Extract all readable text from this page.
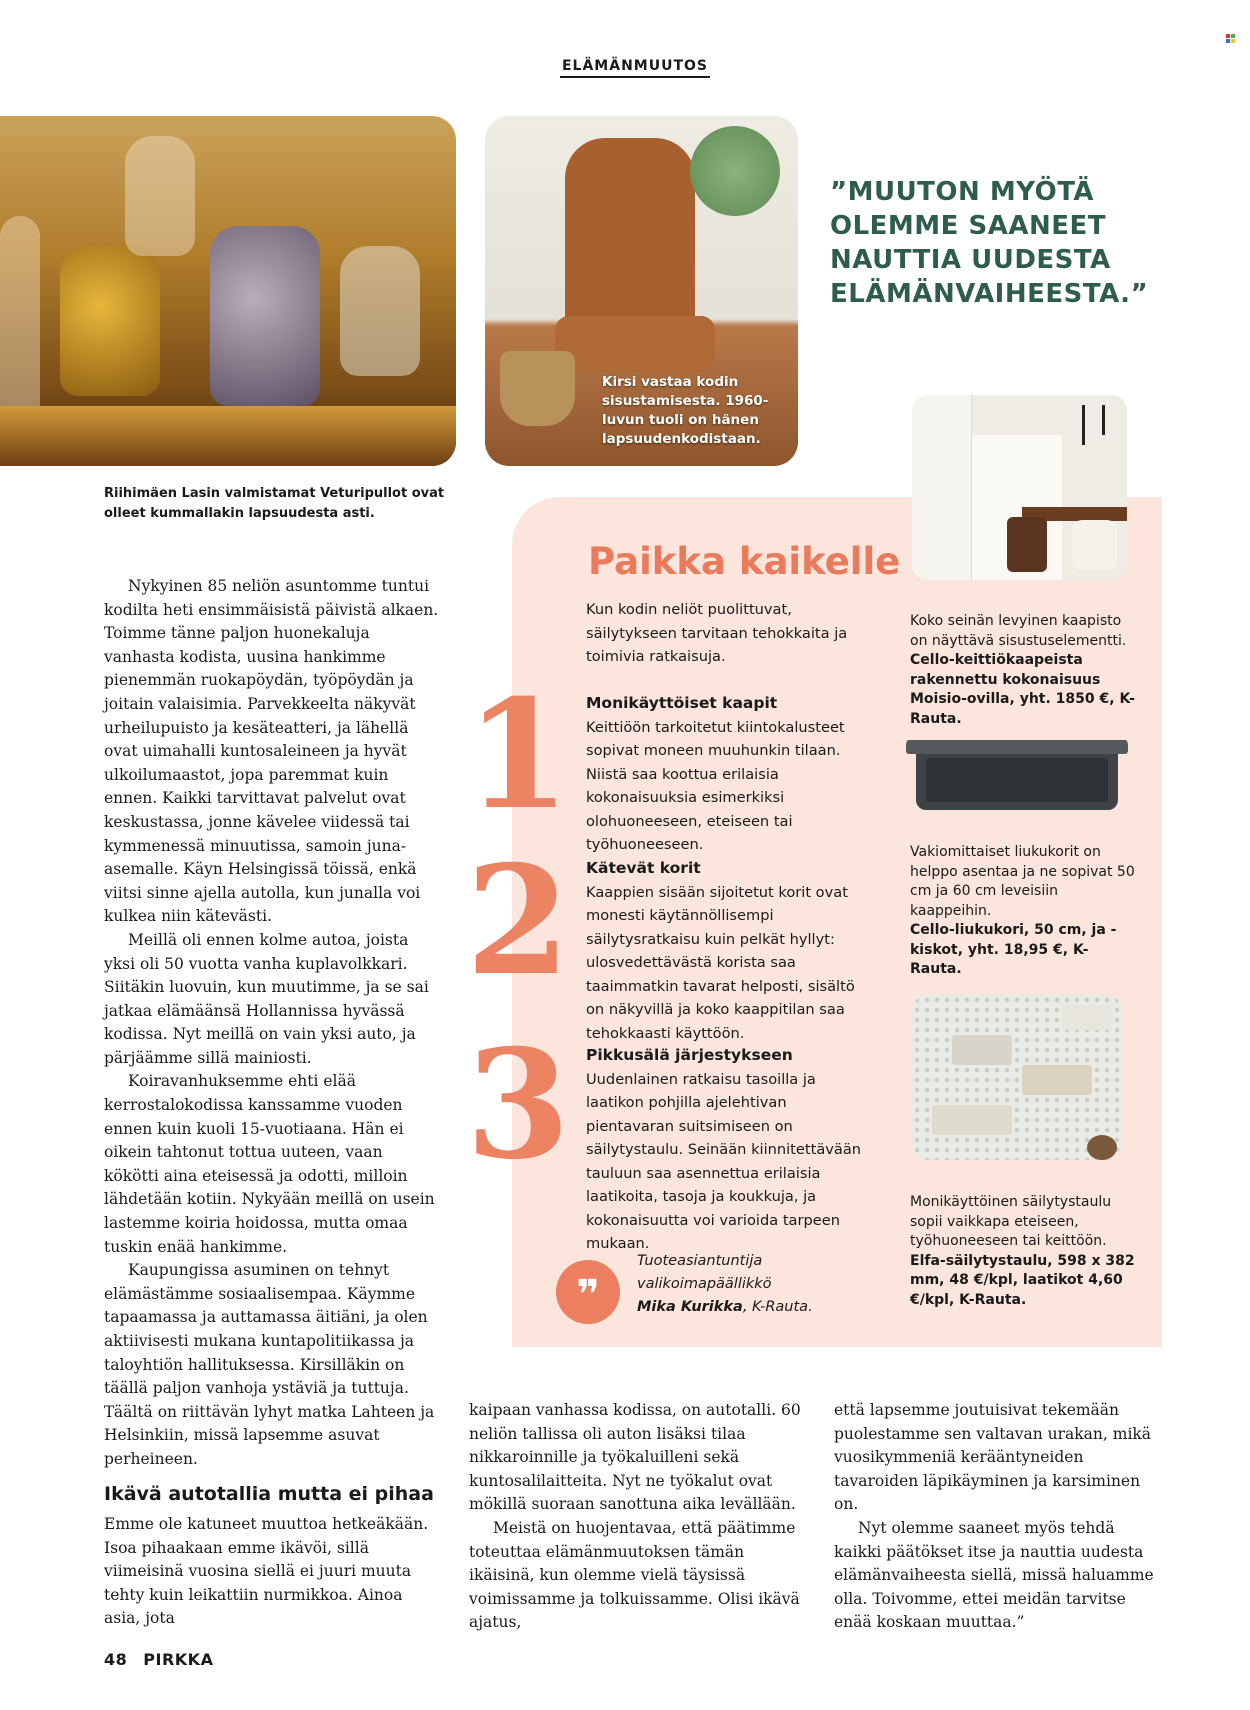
ELÄMÄNMUUTOS
Kirsi vastaa kodin sisustamisesta. 1960-luvun tuoli on hänen lapsuudenkodistaan.
”MUUTON MYÖTÄ OLEMME SAANEET NAUTTIA UUDESTA ELÄMÄNVAIHEESTA.”
Riihimäen Lasin valmistamat Veturipullot ovat olleet kummallakin lapsuudesta asti.

Nykyinen 85 neliön asuntomme tuntui kodilta heti ensimmäisistä päivistä alkaen. Toimme tänne paljon huonekaluja vanhasta kodista, uusina hankimme pienemmän ruokapöydän, työpöydän ja joitain valaisimia. Parvekkeelta näkyvät urheilupuisto ja kesäteatteri, ja lähellä ovat uimahalli kuntosaleineen ja hyvät ulkoilumaastot, jopa paremmat kuin ennen. Kaikki tarvittavat palvelut ovat keskustassa, jonne kävelee viidessä tai kymmenessä minuutissa, samoin juna-asemalle. Käyn Helsingissä töissä, enkä viitsi sinne ajella autolla, kun junalla voi kulkea niin kätevästi.

Meillä oli ennen kolme autoa, joista yksi oli 50 vuotta vanha kuplavolkkari. Siitäkin luovuin, kun muutimme, ja se sai jatkaa elämäänsä Hollannissa hyvässä kodissa. Nyt meillä on vain yksi auto, ja pärjäämme sillä mainiosti.

Koiravanhuksemme ehti elää kerrostalokodissa kanssamme vuoden ennen kuin kuoli 15-vuotiaana. Hän ei oikein tahtonut tottua uuteen, vaan kökötti aina eteisessä ja odotti, milloin lähdetään kotiin. Nykyään meillä on usein lastemme koiria hoidossa, mutta omaa tuskin enää hankimme.

Kaupungissa asuminen on tehnyt elämästämme sosiaalisempaa. Käymme tapaamassa ja auttamassa äitiäni, ja olen aktiivisesti mukana kuntapolitiikassa ja taloyhtiön hallituksessa. Kirsilläkin on täällä paljon vanhoja ystäviä ja tuttuja. Täältä on riittävän lyhyt matka Lahteen ja Helsinkiin, missä lapsemme asuvat perheineen.

Ikävä autotallia mutta ei pihaa

Emme ole katuneet muuttoa hetkeäkään. Isoa pihaakaan emme ikävöi, sillä viimeisinä vuosina siellä ei juuri muuta tehty kuin leikattiin nurmikkoa. Ainoa asia, jota

kaipaan vanhassa kodissa, on autotalli. 60 neliön tallissa oli auton lisäksi tilaa nikkaroinnille ja työkaluilleni sekä kuntosalilaitteita. Nyt ne työkalut ovat mökillä suoraan sanottuna aika levällään.

Meistä on huojentavaa, että päätimme toteuttaa elämänmuutoksen tämän ikäisinä, kun olemme vielä täysissä voimissamme ja tolkuissamme. Olisi ikävä ajatus,

että lapsemme joutuisivat tekemään puolestamme sen valtavan urakan, mikä vuosikymmeniä kerääntyneiden tavaroiden läpikäyminen ja karsiminen on.

Nyt olemme saaneet myös tehdä kaikki päätökset itse ja nauttia uudesta elämänvaiheesta siellä, missä haluamme olla. Toivomme, ettei meidän tarvitse enää koskaan muuttaa.”

Paikka kaikelle

Kun kodin neliöt puolittuvat, säilytykseen tarvitaan tehokkaita ja toimivia ratkaisuja.

1	Monikäyttöiset kaapit

Keittiöön tarkoitetut kiintokalusteet sopivat moneen muuhunkin tilaan. Niistä saa koottua erilaisia kokonaisuuksia esimerkiksi olohuoneeseen, eteiseen tai työhuoneeseen.

2	Kätevät korit

Kaappien sisään sijoitetut korit ovat monesti käytännöllisempi säilytysratkaisu kuin pelkät hyllyt: ulosvedettävästä korista saa taaimmatkin tavarat helposti, sisältö on näkyvillä ja koko kaappitilan saa tehokkaasti käyttöön.

3	Pikkusälä järjestykseen

Uudenlainen ratkaisu tasoilla ja laatikon pohjilla ajelehtivan pientavaran suitsimiseen on säilytystaulu. Seinään kiinnitettävään tauluun saa asennettua erilaisia laatikoita, tasoja ja koukkuja, ja kokonaisuutta voi varioida tarpeen mukaan.

❞
Tuoteasiantuntija valikoimapäällikkö
Mika Kurikka, K-Rauta.

Koko seinän levyinen kaapisto on näyttävä sisustuselementti.

Cello-keittiökaapeista rakennettu kokonaisuus Moisio-ovilla, yht. 1850 €, K-Rauta.

Vakiomittaiset liukukorit on helppo asentaa ja ne sopivat 50 cm ja 60 cm leveisiin kaappeihin.

Cello-liukukori, 50 cm, ja -kiskot, yht. 18,95 €, K-Rauta.

Monikäyttöinen säilytystaulu sopii vaikkapa eteiseen, työhuoneeseen tai keittöön.

Elfa-säilytystaulu, 598 x 382 mm, 48 €/kpl, laatikot 4,60 €/kpl, K-Rauta.

48 PIRKKA
